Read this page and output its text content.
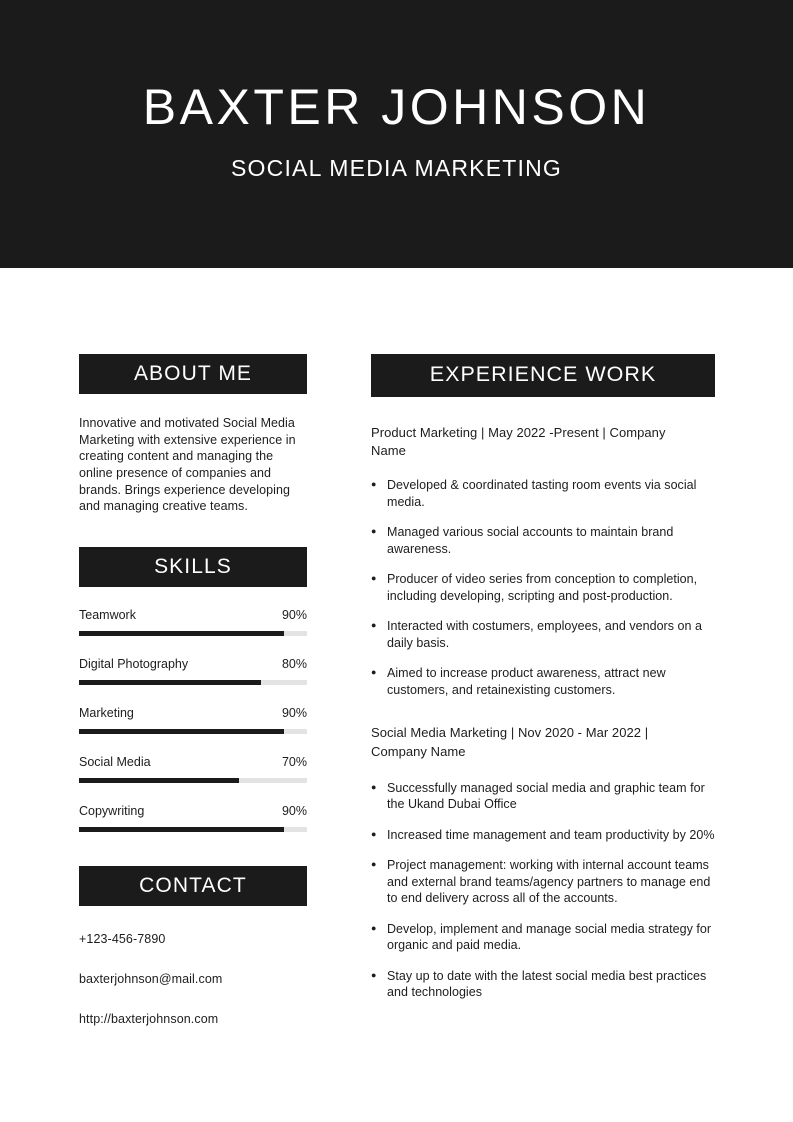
BAXTER JOHNSON
SOCIAL MEDIA MARKETING
ABOUT ME
Innovative and motivated Social Media Marketing with extensive experience in creating content and managing the online presence of companies and brands. Brings experience developing and managing creative teams.
SKILLS
Teamwork	90%
Digital Photography	80%
Marketing	90%
Social Media	70%
Copywriting	90%
CONTACT
+123-456-7890
baxterjohnson@mail.com
http://baxterjohnson.com
EXPERIENCE WORK
Product Marketing | May 2022 -Present | Company Name
● Developed & coordinated tasting room events via social media.
● Managed various social accounts to maintain brand awareness.
● Producer of video series from conception to completion, including developing, scripting and post-production.
● Interacted with costumers, employees, and vendors on a daily basis.
● Aimed to increase product awareness, attract new customers, and retainexisting customers.
Social Media Marketing | Nov 2020 - Mar 2022 | Company Name
● Successfully managed social media and graphic team for the Ukand Dubai Office
● Increased time management and team productivity by 20%
● Project management: working with internal account teams and external brand teams/agency partners to manage end to end delivery across all of the accounts.
● Develop, implement and manage social media strategy for organic and paid media.
● Stay up to date with the latest social media best practices and technologies
